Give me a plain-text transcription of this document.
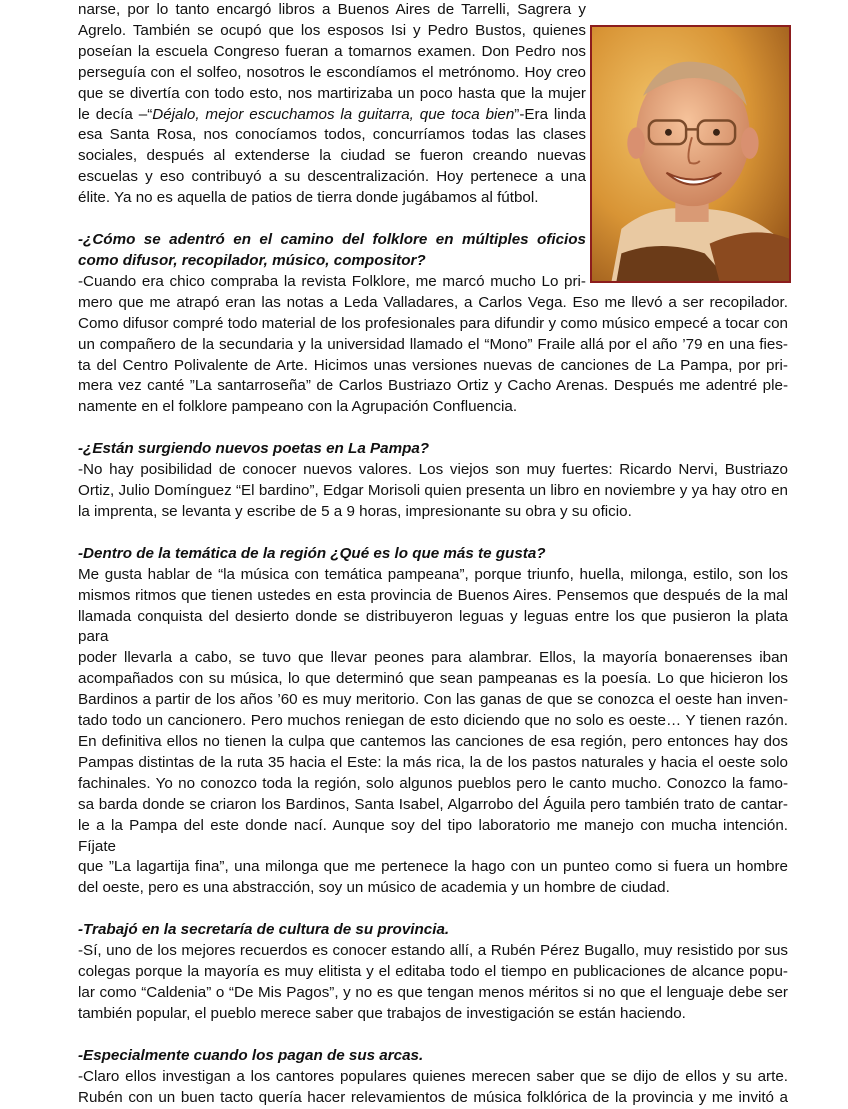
narse, por lo tanto encargó libros a Buenos Aires de Tarrelli, Sagrera y

Agrelo. También se ocupó que los esposos Isi y Pedro Bustos, quienes

poseían la escuela Congreso fueran a tomarnos examen. Don Pedro nos

perseguía con el solfeo, nosotros le escondíamos el metrónomo. Hoy creo

que se divertía con todo esto, nos martirizaba un poco hasta que la mujer

le decía –“Déjalo, mejor escuchamos la guitarra, que toca bien”-Era linda

esa Santa Rosa, nos conocíamos todos, concurríamos todas las clases

sociales, después al extenderse la ciudad se fueron creando nuevas

escuelas y eso contribuyó a su descentralización. Hoy pertenece a una

élite. Ya no es aquella de patios de tierra donde jugábamos al fútbol.

-¿Cómo se adentró en el camino del folklore en múltiples oficios

como difusor, recopilador, músico, compositor?

-Cuando era chico compraba la revista Folklore, me marcó mucho Lo pri-

mero que me atrapó eran las notas a Leda Valladares, a Carlos Vega. Eso me llevó a ser recopilador.

Como difusor compré todo material de los profesionales para difundir y como músico empecé a tocar con

un compañero de la secundaria y la universidad llamado el “Mono” Fraile allá por el año ’79 en una fies-

ta del Centro Polivalente de Arte. Hicimos unas versiones nuevas de canciones de La Pampa, por pri-

mera vez canté ”La santarroseña” de Carlos Bustriazo Ortiz y Cacho Arenas. Después me adentré ple-

namente en el folklore pampeano con la Agrupación Confluencia.

-¿Están surgiendo nuevos poetas en La Pampa?

-No hay posibilidad de conocer nuevos valores. Los viejos son muy fuertes: Ricardo Nervi, Bustriazo

Ortiz, Julio Domínguez “El bardino”, Edgar Morisoli quien presenta un libro en noviembre y ya hay otro en

la imprenta, se levanta y escribe de 5 a 9 horas, impresionante su obra y su oficio.

-Dentro de la temática de la región ¿Qué es lo que más te gusta?

Me gusta hablar de “la música con temática pampeana”, porque triunfo, huella, milonga, estilo, son los

mismos ritmos que tienen ustedes en esta provincia de Buenos Aires. Pensemos que después de la mal

llamada conquista del desierto donde se distribuyeron leguas y leguas entre los que pusieron la plata para

poder llevarla a cabo, se tuvo que llevar peones para alambrar. Ellos, la mayoría bonaerenses iban

acompañados con su música, lo que determinó que sean pampeanas es la poesía. Lo que hicieron los

Bardinos a partir de los años ’60 es muy meritorio. Con las ganas de que se conozca el oeste han inven-

tado todo un cancionero. Pero muchos reniegan de esto diciendo que no solo es oeste… Y tienen razón.

En definitiva ellos no tienen la culpa que cantemos las canciones de esa región, pero entonces hay dos

Pampas distintas de la ruta 35 hacia el Este: la más rica, la de los pastos naturales y hacia el oeste solo

fachinales. Yo no conozco toda la región, solo algunos pueblos pero le canto mucho. Conozco la famo-

sa barda donde se criaron los Bardinos, Santa Isabel, Algarrobo del Águila pero también trato de cantar-

le a la Pampa del este donde nací. Aunque soy del tipo laboratorio me manejo con mucha intención. Fíjate

que ”La lagartija fina”, una milonga que me pertenece la hago con un punteo como si fuera un hombre

del oeste, pero es una abstracción, soy un músico de academia y un hombre de ciudad.

-Trabajó en la secretaría de cultura de su provincia.

-Sí, uno de los mejores recuerdos es conocer estando allí, a Rubén Pérez Bugallo, muy resistido por sus

colegas porque la mayoría es muy elitista y el editaba todo el tiempo en publicaciones de alcance popu-

lar como “Caldenia” o “De Mis Pagos”, y no es que tengan menos méritos si no que el lenguaje debe ser

también popular, el pueblo merece saber que trabajos de investigación se están haciendo.

-Especialmente cuando los pagan de sus arcas.

-Claro ellos investigan a los cantores populares quienes merecen saber que se dijo de ellos y su arte.

Rubén con un buen tacto quería hacer relevamientos de música folklórica de la provincia y me invitó a
